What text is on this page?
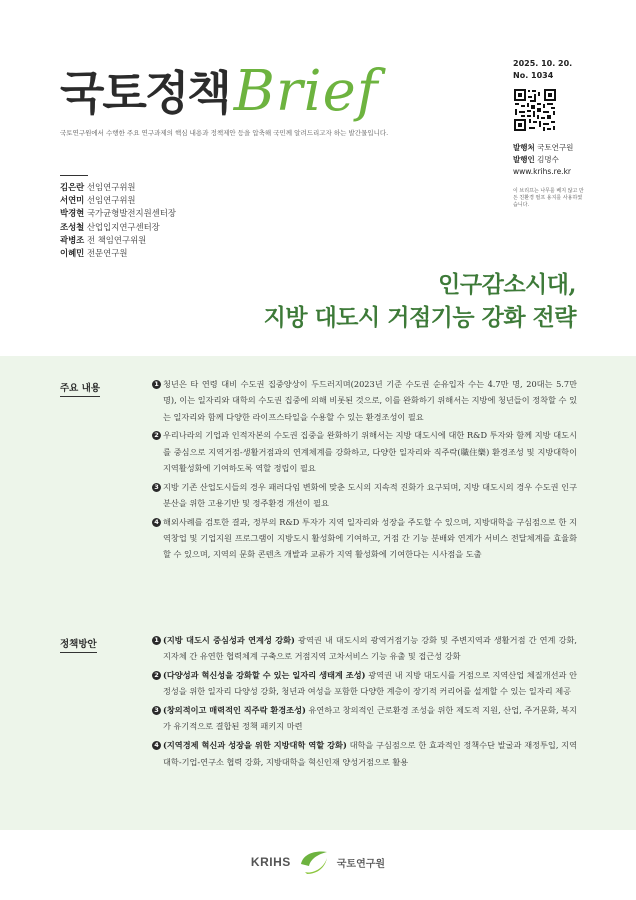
국토정책 Brief
국토연구원에서 수행한 주요 연구과제의 핵심 내용과 정책제안 등을 압축해 국민께 알려드리고자 하는 발간물입니다.
2025. 10. 20.
No. 1034
발행처 국토연구원
발행인 김명수
www.krihs.re.kr
이 브리프는 나무를 베지 않고 만든 친환경 펄프 용지를 사용하였습니다.
김은란 선임연구위원
서연미 선임연구위원
박경현 국가균형발전지원센터장
조성철 산업입지연구센터장
곽병조 전 책임연구위원
이혜민 전문연구원
인구감소시대,
지방 대도시 거점기능 강화 전략
주요 내용	1 청년은 타 연령 대비 수도권 집중양상이 두드러지며(2023년 기준 수도권 순유입자 수는 4.7만 명, 20대는 5.7만 명), 이는 일자리와 대학의 수도권 집중에 의해 비롯된 것으로, 이를 완화하기 위해서는 지방에 청년들이 정착할 수 있는 일자리와 함께 다양한 라이프스타일을 수용할 수 있는 환경조성이 필요
2 우리나라의 기업과 인적자본의 수도권 집중을 완화하기 위해서는 지방 대도시에 대한 R&D 투자와 함께 지방 대도시를 중심으로 지역거점-생활거점과의 연계체계를 강화하고, 다양한 일자리와 직주락(職住樂) 환경조성 및 지방대학이 지역활성화에 기여하도록 역할 정립이 필요
3 지방 기존 산업도시들의 경우 패러다임 변화에 맞춘 도시의 지속적 진화가 요구되며, 지방 대도시의 경우 수도권 인구분산을 위한 고용기반 및 정주환경 개선이 필요
4 해외사례를 검토한 결과, 정부의 R&D 투자가 지역 일자리와 성장을 주도할 수 있으며, 지방대학을 구심점으로 한 지역창업 및 기업지원 프로그램이 지방도시 활성화에 기여하고, 거점 간 기능 분배와 연계가 서비스 전달체계를 효율화할 수 있으며, 지역의 문화 콘텐츠 개발과 교류가 지역 활성화에 기여한다는 시사점을 도출
정책방안	1 (지방 대도시 중심성과 연계성 강화) 광역권 내 대도시의 광역거점기능 강화 및 주변지역과 생활거점 간 연계 강화, 지자체 간 유연한 협력체계 구축으로 거점지역 고차서비스 기능 유출 및 접근성 강화
2 (다양성과 혁신성을 강화할 수 있는 일자리 생태계 조성) 광역권 내 지방 대도시를 거점으로 지역산업 체질개선과 안정성을 위한 일자리 다양성 강화, 청년과 여성을 포함한 다양한 계층이 장기적 커리어를 설계할 수 있는 일자리 제공
3 (창의적이고 매력적인 직주락 환경조성) 유연하고 창의적인 근로환경 조성을 위한 제도적 지원, 산업, 주거문화, 복지가 유기적으로 결합된 정책 패키지 마련
4 (지역경제 혁신과 성장을 위한 지방대학 역할 강화) 대학을 구심점으로 한 효과적인 정책수단 발굴과 재정투입, 지역대학-기업-연구소 협력 강화, 지방대학을 혁신인재 양성거점으로 활용
KRIHS	국토연구원
